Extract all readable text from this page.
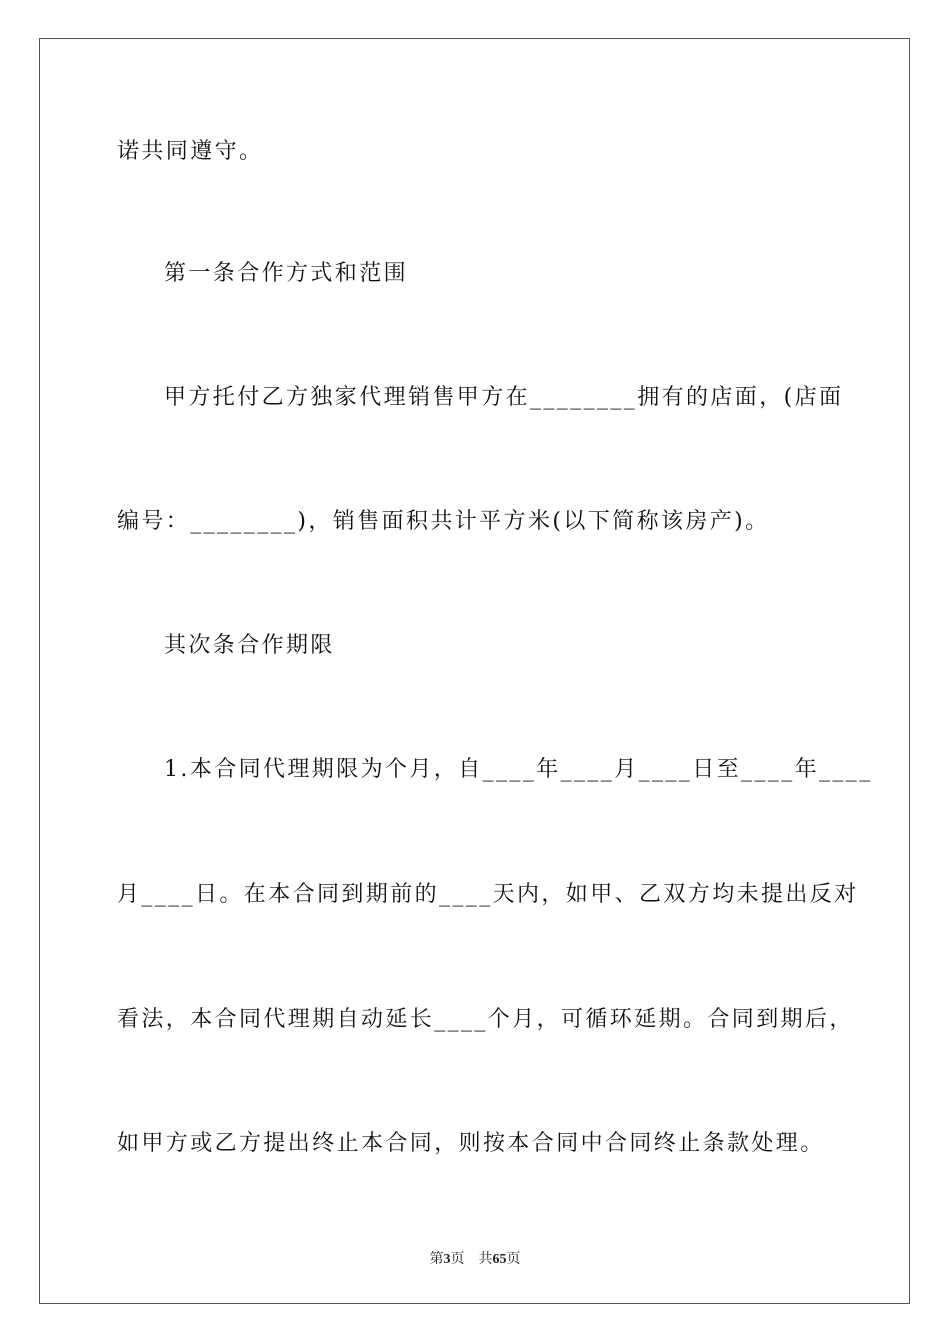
诺共同遵守。
第一条合作方式和范围
甲方托付乙方独家代理销售甲方在________拥有的店面，(店面
编号：________)，销售面积共计平方米(以下简称该房产)。
其次条合作期限
1.本合同代理期限为个月，自____年____月____日至____年____
月____日。在本合同到期前的____天内，如甲、乙双方均未提出反对
看法，本合同代理期自动延长____个月，可循环延期。合同到期后，
如甲方或乙方提出终止本合同，则按本合同中合同终止条款处理。
第3页 共65页
